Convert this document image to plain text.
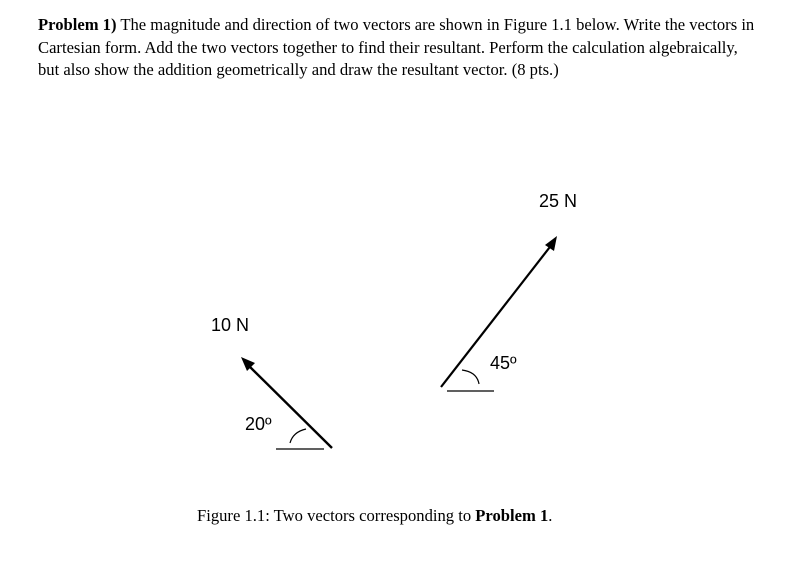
Problem 1) The magnitude and direction of two vectors are shown in Figure 1.1 below. Write the vectors in Cartesian form. Add the two vectors together to find their resultant. Perform the calculation algebraically, but also show the addition geometrically and draw the resultant vector. (8 pts.)

10 N
20º
25 N
45º

Figure 1.1: Two vectors corresponding to Problem 1.
